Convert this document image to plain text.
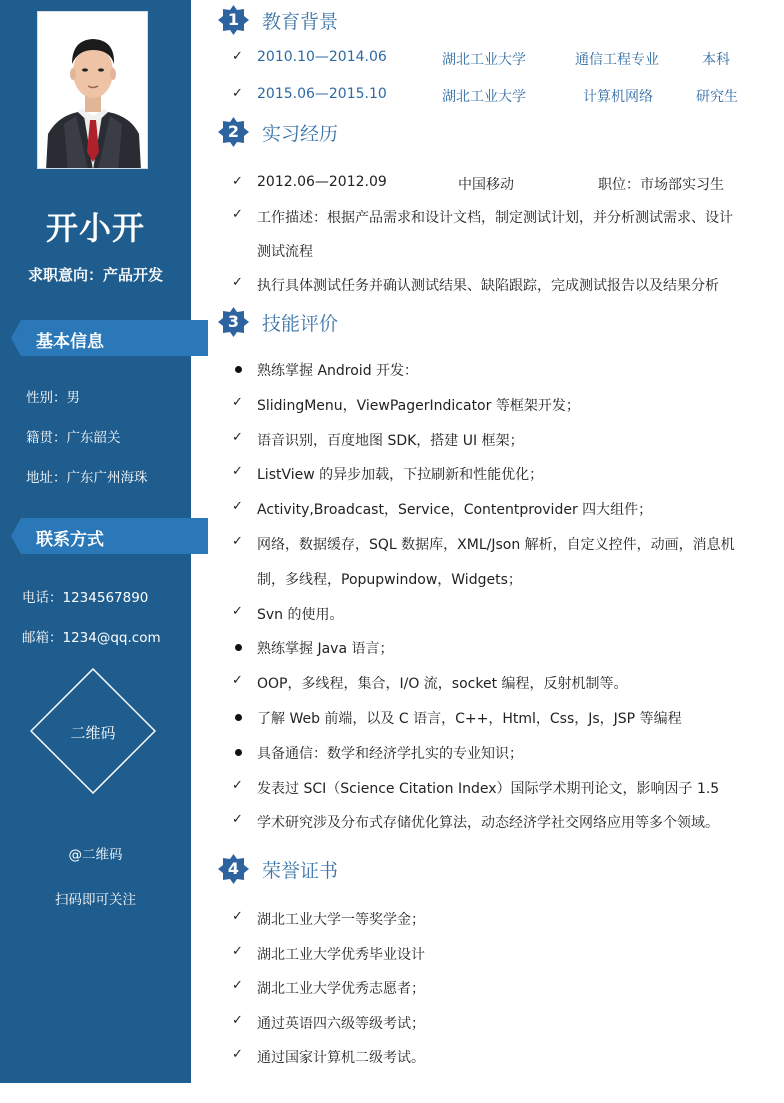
开小开
求职意向：产品开发
基本信息
性别：男
籍贯：广东韶关
地址：广东广州海珠
联系方式
电话：1234567890
邮箱：1234@qq.com
二维码
@二维码
扫码即可关注
1	教育背景
✓	2010.10—2014.06	湖北工业大学	通信工程专业	本科
✓	2015.06—2015.10	湖北工业大学	计算机网络	研究生
2	实习经历
✓	2012.06—2012.09	中国移动	职位：市场部实习生
✓	工作描述：根据产品需求和设计文档，制定测试计划，并分析测试需求、设计
测试流程
✓	执行具体测试任务并确认测试结果、缺陷跟踪，完成测试报告以及结果分析
3	技能评价
熟练掌握 Android 开发：
✓	SlidingMenu，ViewPagerIndicator 等框架开发；
✓	语音识别，百度地图 SDK，搭建 UI 框架；
✓	ListView 的异步加载，下拉刷新和性能优化；
✓	Activity,Broadcast，Service，Contentprovider 四大组件；
✓	网络，数据缓存，SQL 数据库，XML/Json 解析，自定义控件，动画，消息机
制，多线程，Popupwindow，Widgets；
✓	Svn 的使用。
熟练掌握 Java 语言；
✓	OOP，多线程，集合，I/O 流，socket 编程，反射机制等。
了解 Web 前端，以及 C 语言，C++，Html，Css，Js，JSP 等编程
具备通信：数学和经济学扎实的专业知识；
✓	发表过 SCI（Science Citation Index）国际学术期刊论文，影响因子 1.5
✓	学术研究涉及分布式存储优化算法，动态经济学社交网络应用等多个领域。
4	荣誉证书
✓	湖北工业大学一等奖学金；
✓	湖北工业大学优秀毕业设计
✓	湖北工业大学优秀志愿者；
✓	通过英语四六级等级考试；
✓	通过国家计算机二级考试。
